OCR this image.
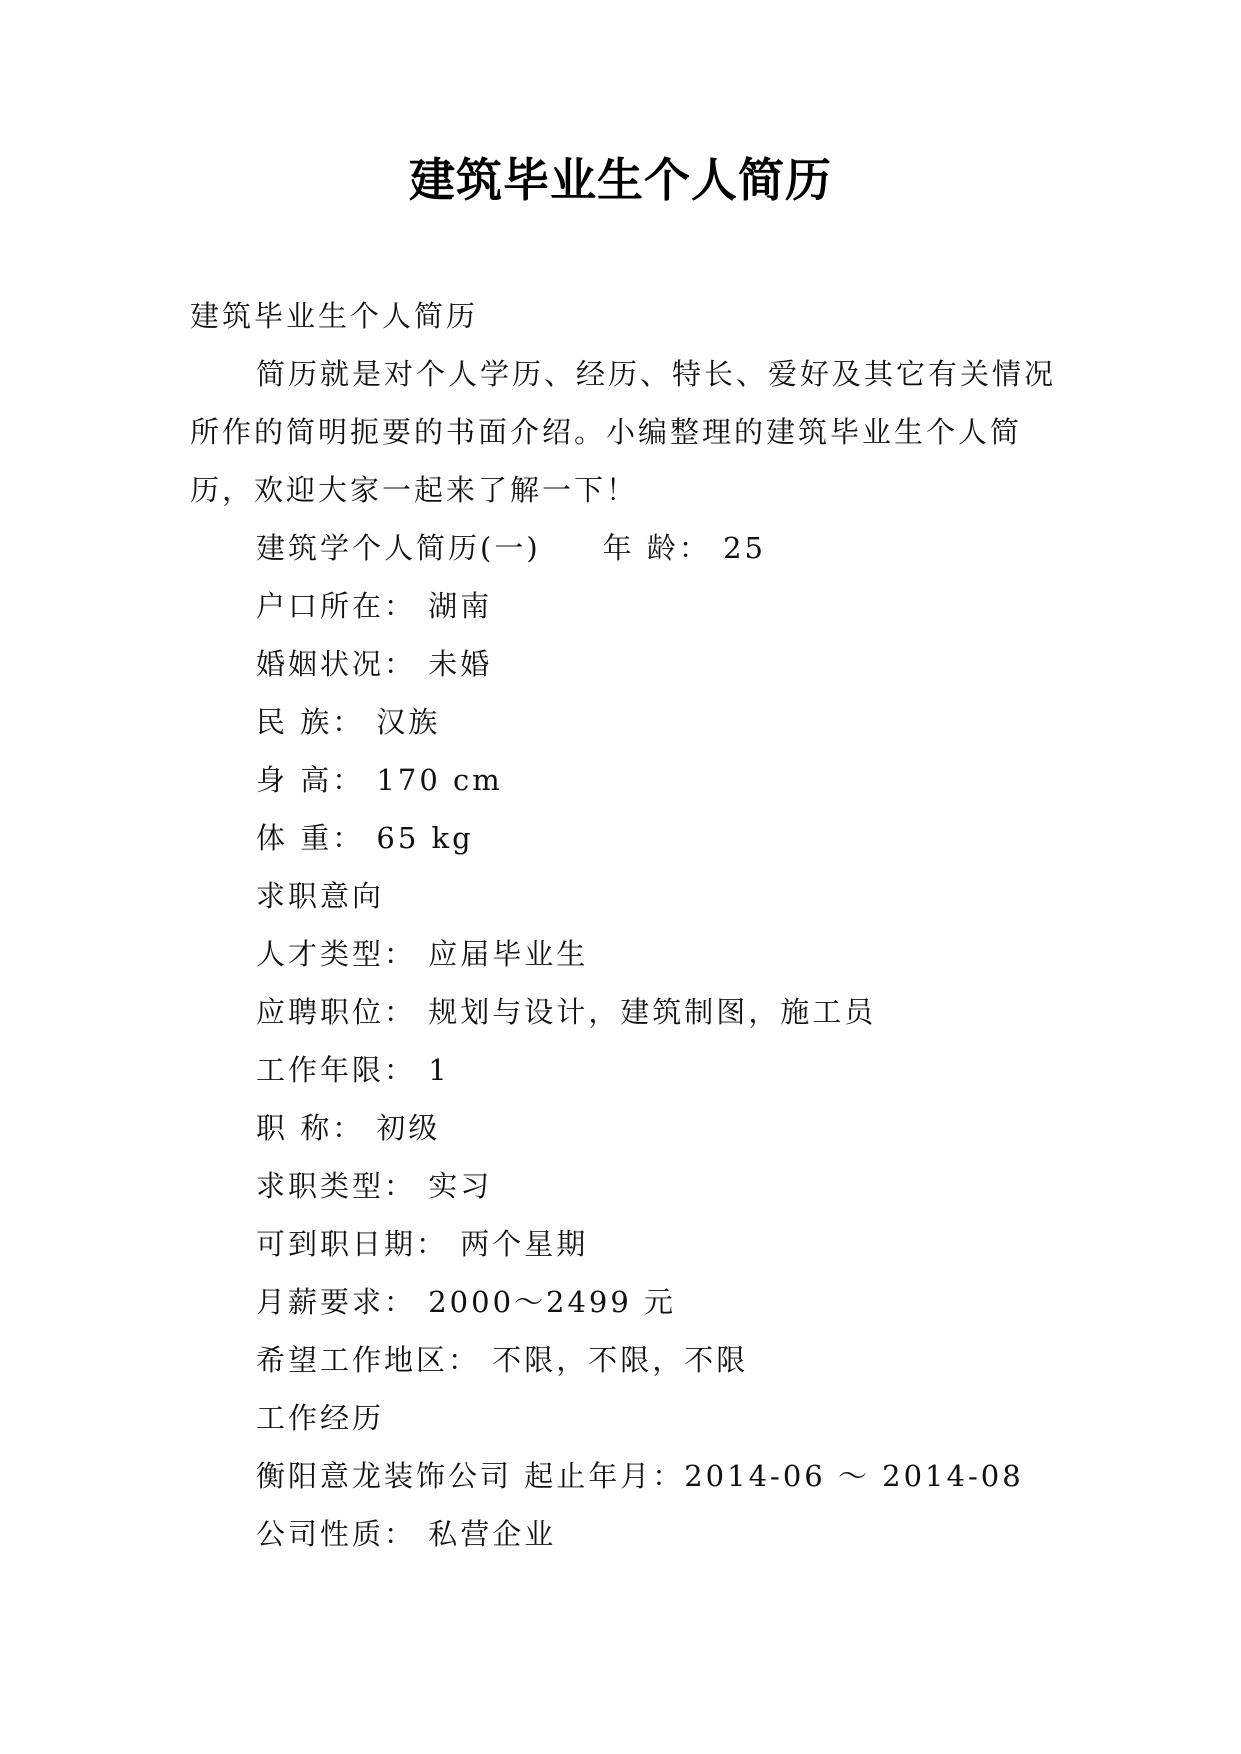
建筑毕业生个人简历
建筑毕业生个人简历
简历就是对个人学历、经历、特长、爱好及其它有关情况所作的简明扼要的书面介绍。小编整理的建筑毕业生个人简历，欢迎大家一起来了解一下！
建筑学个人简历(一) 年 龄： 25
户口所在： 湖南
婚姻状况： 未婚
民 族： 汉族
身 高： 170 cm
体 重： 65 kg
求职意向
人才类型： 应届毕业生
应聘职位： 规划与设计，建筑制图，施工员
工作年限： 1
职 称： 初级
求职类型： 实习
可到职日期： 两个星期
月薪要求： 2000～2499 元
希望工作地区： 不限，不限，不限
工作经历
衡阳意龙装饰公司 起止年月：2014-06 ～ 2014-08
公司性质： 私营企业
